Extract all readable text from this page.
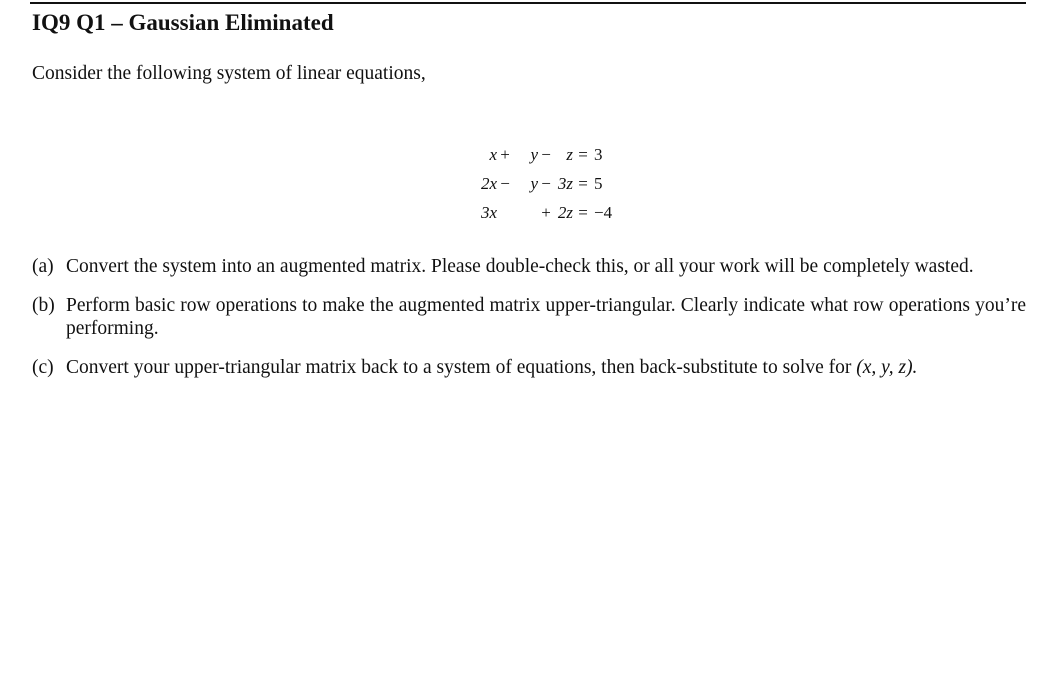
IQ9 Q1 – Gaussian Eliminated
Consider the following system of linear equations,
x + y − z = 3
2x − y − 3z = 5
3x	+ 2z = −4
(a) Convert the system into an augmented matrix. Please double-check this, or all your work will be completely wasted.
(b) Perform basic row operations to make the augmented matrix upper-triangular. Clearly indicate what row operations you’re performing.
(c) Convert your upper-triangular matrix back to a system of equations, then back-substitute to solve for (x, y, z).
